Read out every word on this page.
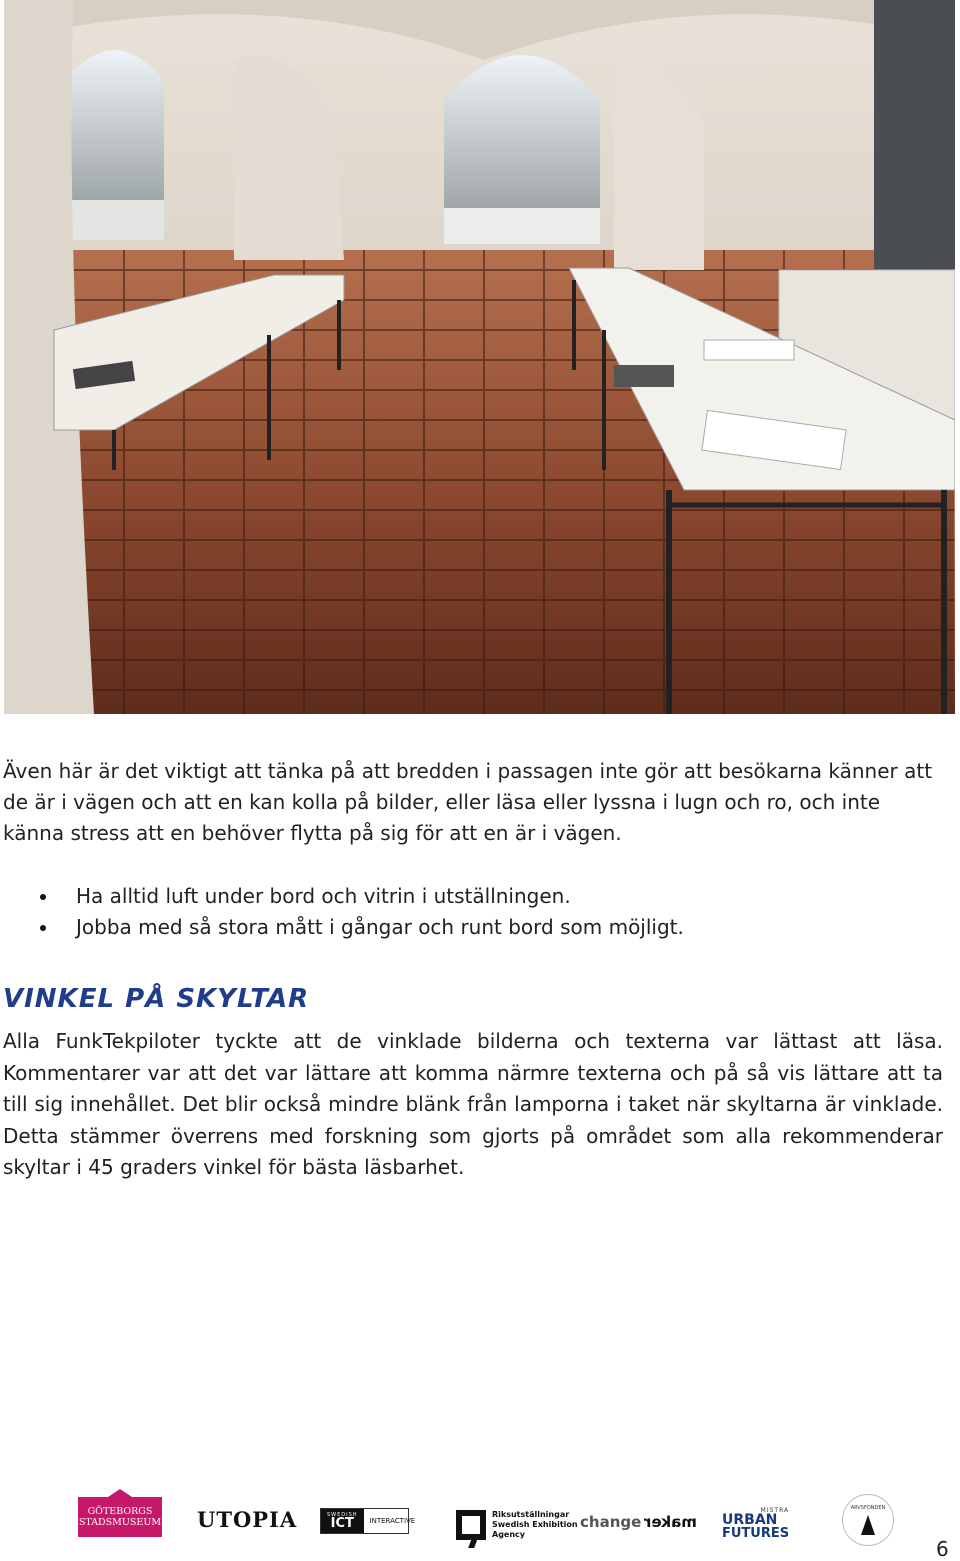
Även här är det viktigt att tänka på att bredden i passagen inte gör att besökarna känner att de är i vägen och att en kan kolla på bilder, eller läsa eller lyssna i lugn och ro, och inte känna stress att en behöver flytta på sig för att en är i vägen.

Ha alltid luft under bord och vitrin i utställningen.
Jobba med så stora mått i gångar och runt bord som möjligt.
VINKEL PÅ SKYLTAR

Alla FunkTekpiloter tyckte att de vinklade bilderna och texterna var lättast att läsa. Kommentarer var att det var lättare att komma närmre texterna och på så vis lättare att ta till sig innehållet. Det blir också mindre blänk från lamporna i taket när skyltarna är vinklade. Detta stämmer överrens med forskning som gjorts på området som alla rekommenderar skyltar i 45 graders vinkel för bästa läsbarhet.

GÖTEBORGS
STADSMUSEUM UTOPIA	SWEDISH
ICT	INTERACTIVE
Riksutställningar
Swedish Exhibition
Agency
change maker
MISTRA
URBAN
FUTURES
ARVSFONDEN
6
